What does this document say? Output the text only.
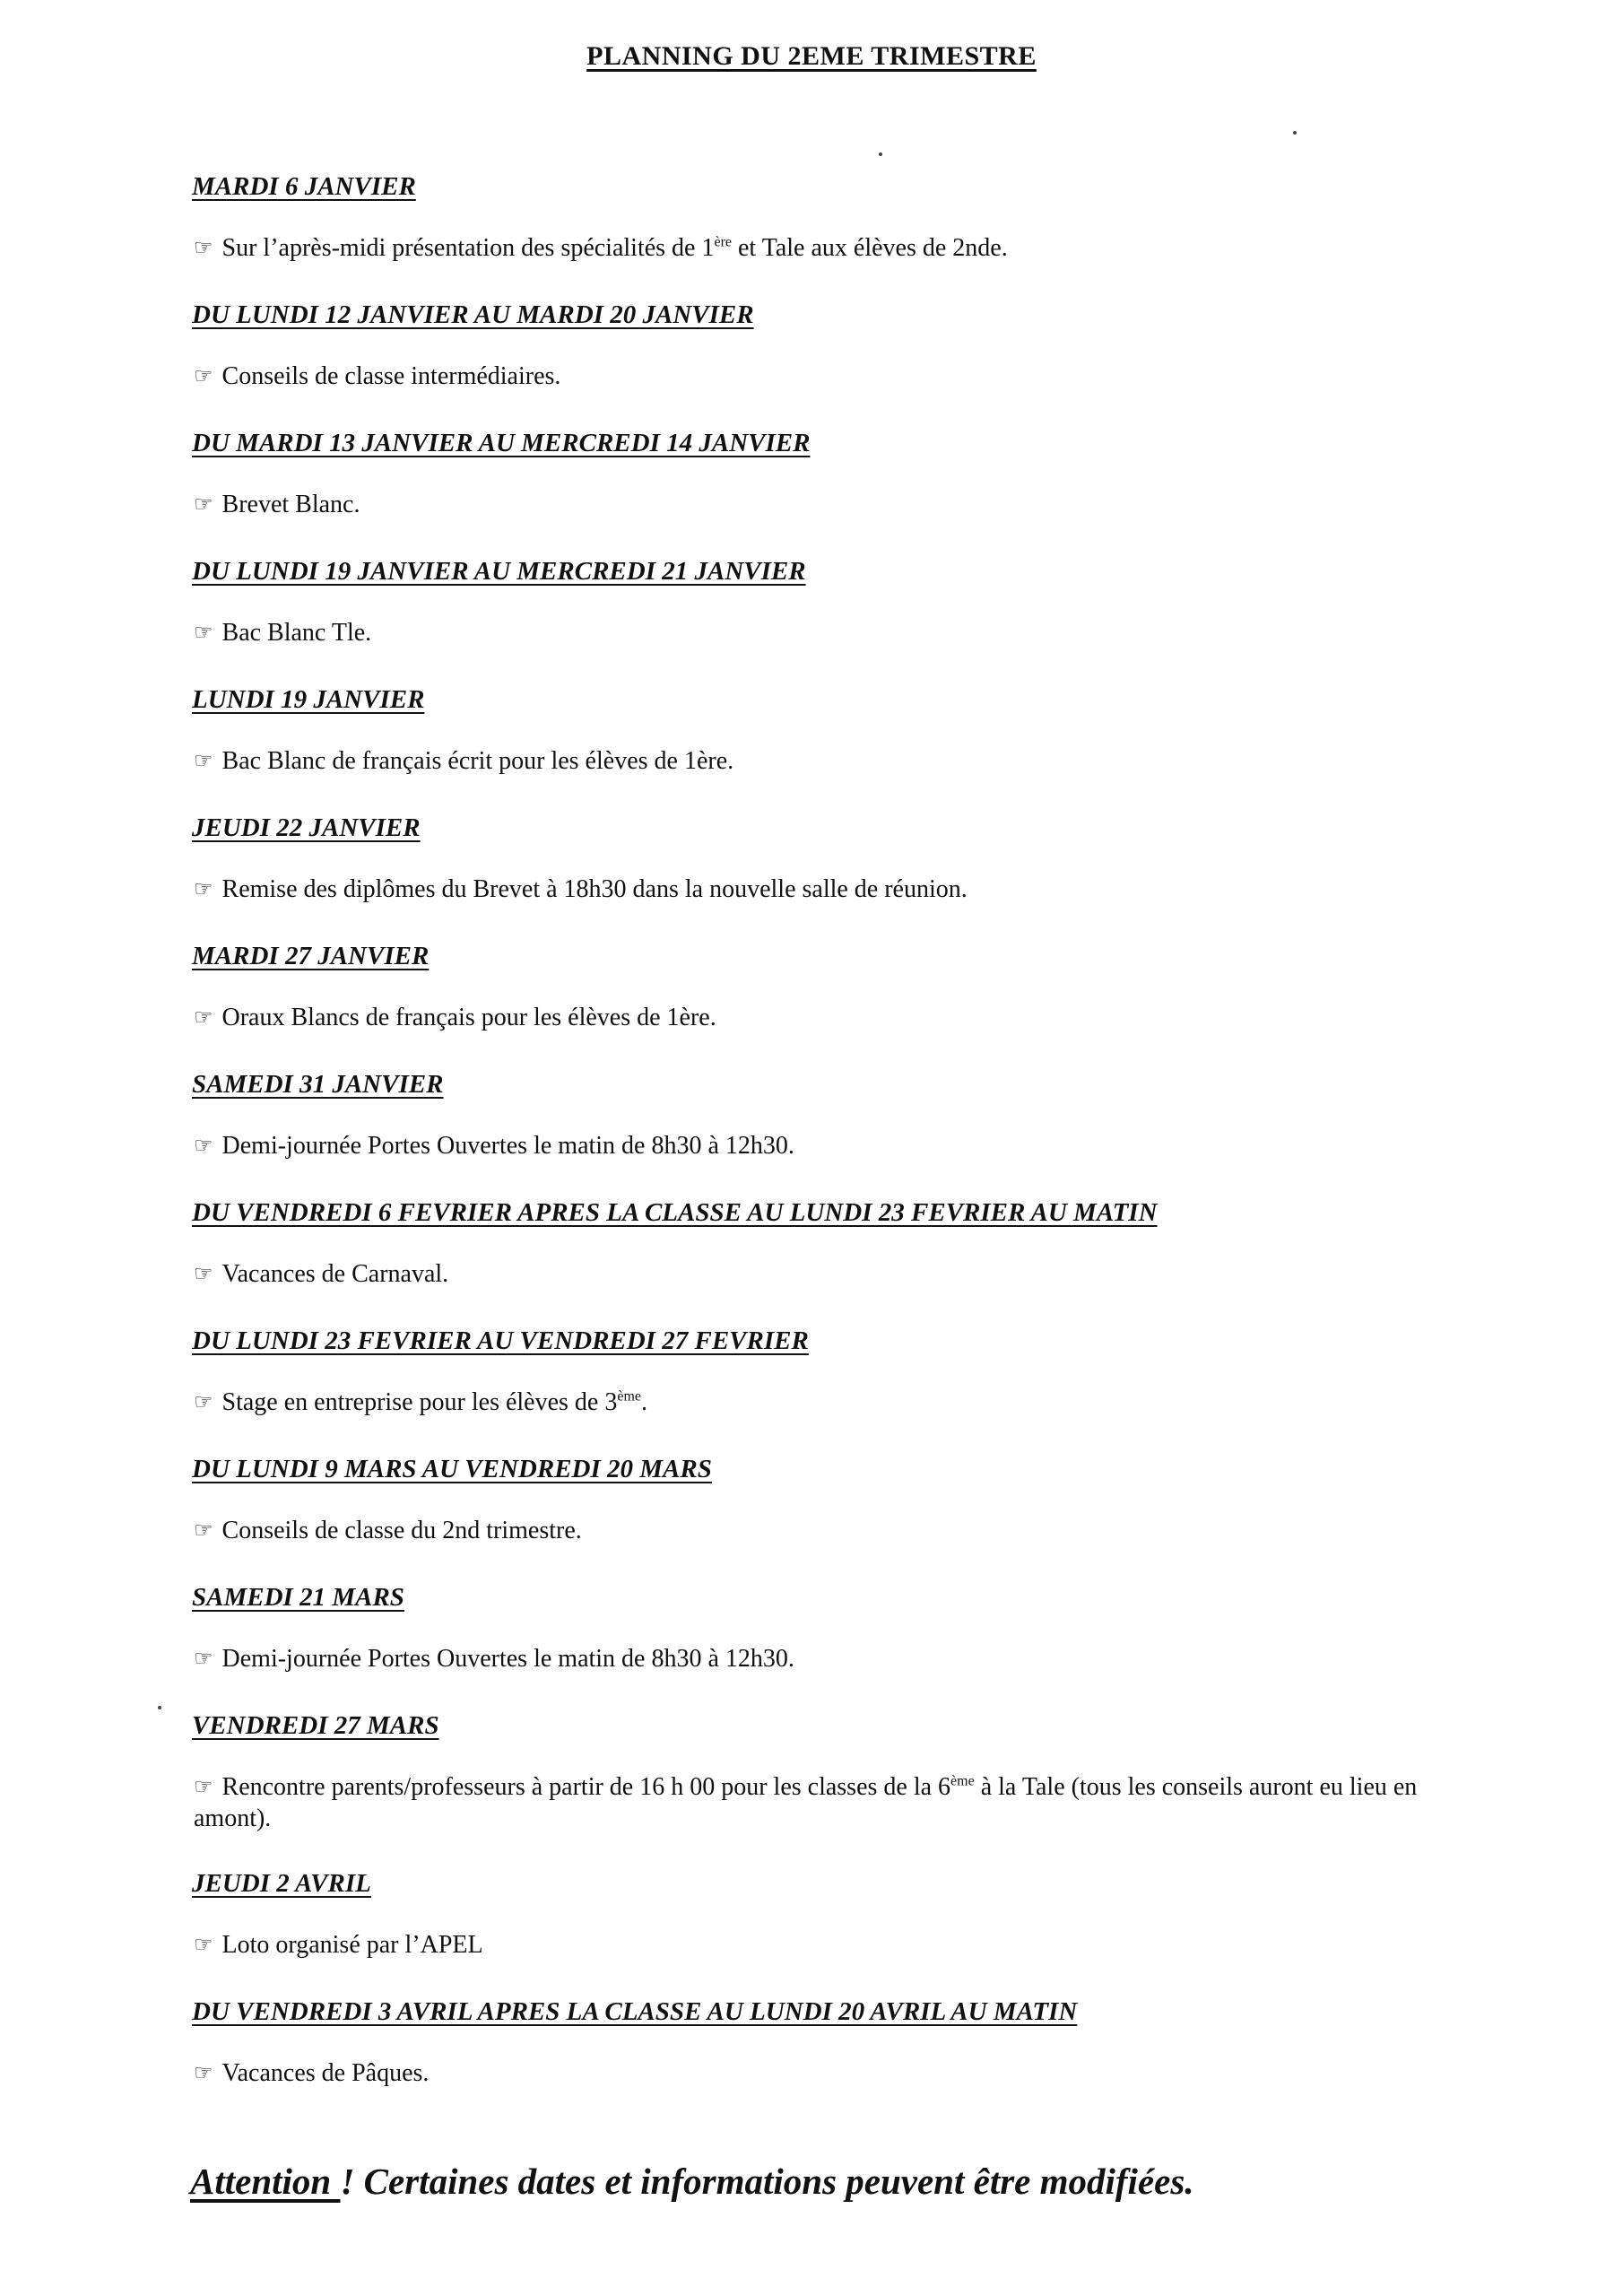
PLANNING DU 2EME TRIMESTRE
MARDI 6 JANVIER
☞ Sur l’après-midi présentation des spécialités de 1ère et Tale aux élèves de 2nde.
DU LUNDI 12 JANVIER AU MARDI 20 JANVIER
☞ Conseils de classe intermédiaires.
DU MARDI 13 JANVIER AU MERCREDI 14 JANVIER
☞ Brevet Blanc.
DU LUNDI 19 JANVIER AU MERCREDI 21 JANVIER
☞ Bac Blanc Tle.
LUNDI 19 JANVIER
☞ Bac Blanc de français écrit pour les élèves de 1ère.
JEUDI 22 JANVIER
☞ Remise des diplômes du Brevet à 18h30 dans la nouvelle salle de réunion.
MARDI 27 JANVIER
☞ Oraux Blancs de français pour les élèves de 1ère.
SAMEDI 31 JANVIER
☞ Demi-journée Portes Ouvertes le matin de 8h30 à 12h30.
DU VENDREDI 6 FEVRIER APRES LA CLASSE AU LUNDI 23 FEVRIER AU MATIN
☞ Vacances de Carnaval.
DU LUNDI 23 FEVRIER AU VENDREDI 27 FEVRIER
☞ Stage en entreprise pour les élèves de 3ème.
DU LUNDI 9 MARS AU VENDREDI 20 MARS
☞ Conseils de classe du 2nd trimestre.
SAMEDI 21 MARS
☞ Demi-journée Portes Ouvertes le matin de 8h30 à 12h30.
VENDREDI 27 MARS
☞ Rencontre parents/professeurs à partir de 16 h 00 pour les classes de la 6ème à la Tale (tous les conseils auront eu lieu en amont).
JEUDI 2 AVRIL
☞ Loto organisé par l’APEL
DU VENDREDI 3 AVRIL APRES LA CLASSE AU LUNDI 20 AVRIL AU MATIN
☞ Vacances de Pâques.
Attention ! Certaines dates et informations peuvent être modifiées.
